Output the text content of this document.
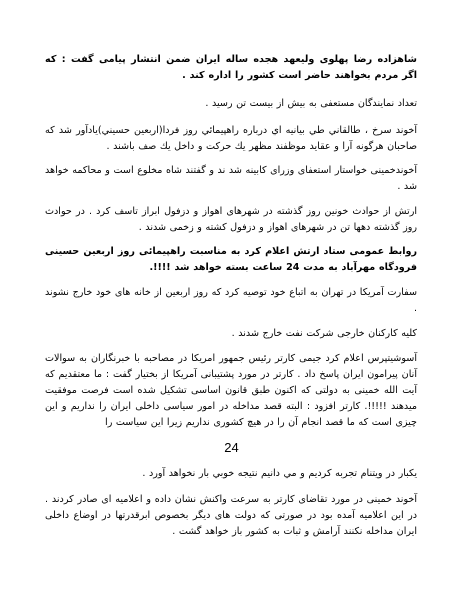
شاهزاده رضا پهلوی ولیعهد هجده ساله ایران ضمن انتشار پیامی گفت : که اگر مردم بخواهند حاضر است کشور را اداره کند .

تعداد نمایندگان مستعفی به بیش از بیست تن رسید .

آخوند سرخ ، طالقاني طي بيانيه اي درباره راهپيمائي روز فردا(اربعين حسيني)يادآور شد كه صاحبان هرگونه آرا و عقايد موظفند مظهر يك حركت و داخل يك صف باشند .

آخوندخمینی خواستار استعفای وزرای کابینه شد ند و گفتند شاه مخلوع است و محاکمه خواهد شد .

ارتش از حوادث خونین روز گذشته در شهرهای اهواز و دزفول ابراز تاسف کرد . در حوادث روز گذشته دهها تن در شهرهای اهواز و دزفول کشته و زخمی شدند .

روابط عمومی ستاد ارتش اعلام کرد به مناسبت راهپیمائی روز اربعین حسینی فرودگاه مهرآباد به مدت 24 ساعت بسته خواهد شد !!!!.

سفارت آمریکا در تهران به اتباع خود توصیه کرد که روز اربعین از خانه های خود خارج نشوند .

کلیه کارکنان خارجی شرکت نفت خارج شدند .

آسوشیتپرس اعلام کرد جیمی کارتر رئیس جمهور امریکا در مصاحبه با خبرنگاران به سوالات آنان پیرامون ایران پاسخ داد . کارتر در مورد پشتیبانی آمریکا از بختیار گفت : ما معتقدیم که آیت الله خمینی به دولتی که اکنون طبق قانون اساسی تشکیل شده است فرصت موفقیت میدهند !!!!!. کارتر افزود : البته قصد مداخله در امور سیاسی داخلی ایران را نداریم و این چیزی است که ما قصد انجام آن را در هیچ کشوری نداریم زیرا این سیاست را

24

یکبار در ویتنام تجربه کردیم و مي دانيم نتيجه خوبي بار نخواهد آورد .

آخوند خمینی در مورد تقاضای کارتر به سرعت واکنش نشان داده و اعلامیه ای صادر کردند . در این اعلامیه آمده بود در صورتی که دولت های دیگر بخصوص ابرقدرتها در اوضاع داخلی ایران مداخله نکنند آرامش و ثبات به کشور باز خواهد گشت .
